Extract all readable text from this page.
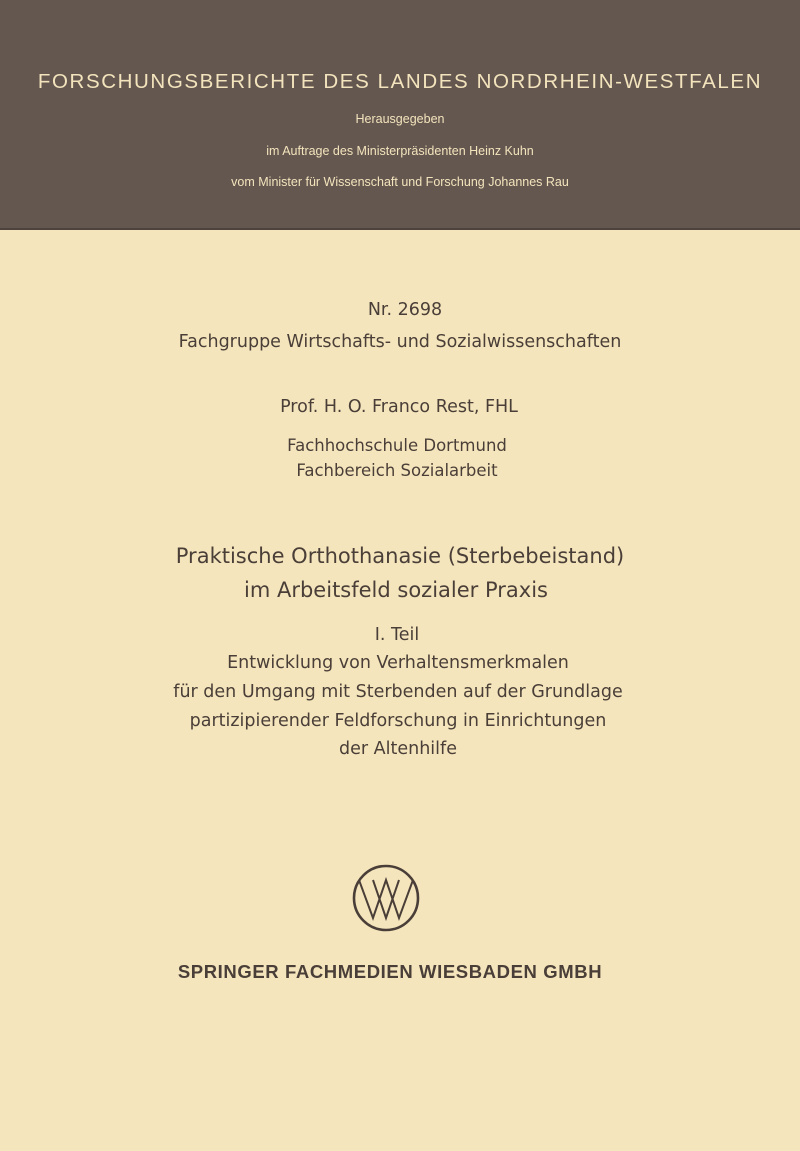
FORSCHUNGSBERICHTE DES LANDES NORDRHEIN-WESTFALEN
Herausgegeben
im Auftrage des Ministerpräsidenten Heinz Kuhn
vom Minister für Wissenschaft und Forschung Johannes Rau
Nr. 2698
Fachgruppe Wirtschafts- und Sozialwissenschaften
Prof. H. O. Franco Rest, FHL
Fachhochschule Dortmund
Fachbereich Sozialarbeit
Praktische Orthothanasie (Sterbebeistand)
im Arbeitsfeld sozialer Praxis
I. Teil
Entwicklung von Verhaltensmerkmalen
für den Umgang mit Sterbenden auf der Grundlage
partizipierender Feldforschung in Einrichtungen
der Altenhilfe
SPRINGER FACHMEDIEN WIESBADEN GMBH
